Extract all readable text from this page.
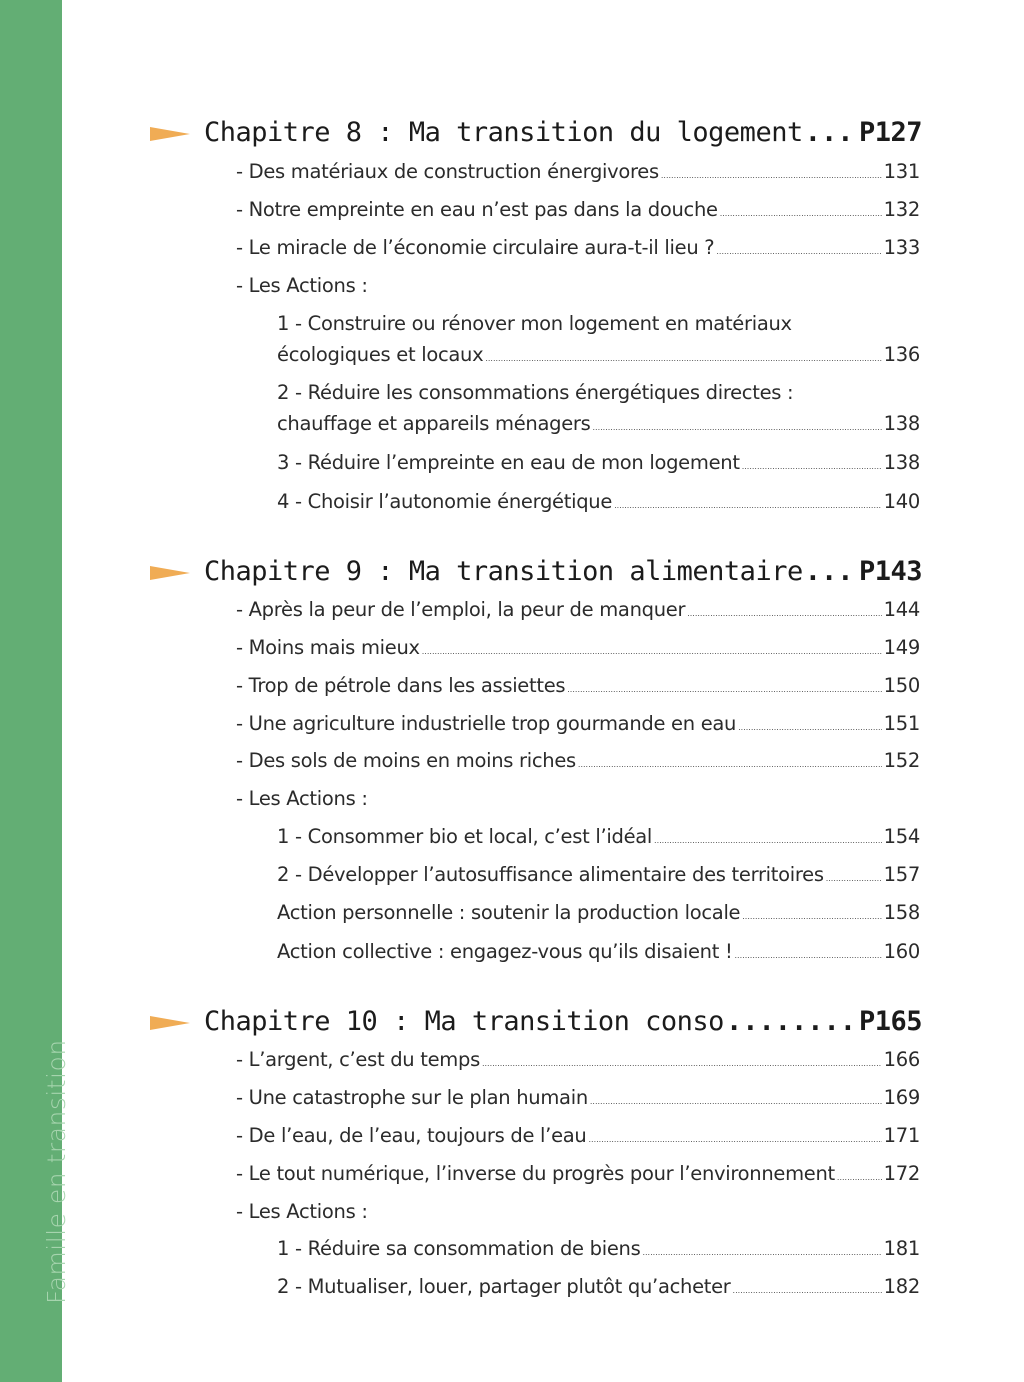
Famille en transition
Chapitre 8 : Ma transition du logement ..... P127
- Des matériaux de construction énergivores .....	131
- Notre empreinte en eau n’est pas dans la douche .....	132
- Le miracle de l’économie circulaire aura-t-il lieu ? .....	133
- Les Actions :
1 - Construire ou rénover mon logement en matériaux
écologiques et locaux .....	136
2 - Réduire les consommations énergétiques directes :
chauffage et appareils ménagers .....	138
3 - Réduire l’empreinte en eau de mon logement .....	138
4 - Choisir l’autonomie énergétique .....	140
Chapitre 9 : Ma transition alimentaire ..... P143
- Après la peur de l’emploi, la peur de manquer .....	144
- Moins mais mieux .....	149
- Trop de pétrole dans les assiettes .....	150
- Une agriculture industrielle trop gourmande en eau .....	151
- Des sols de moins en moins riches .....	152
- Les Actions :
1 - Consommer bio et local, c’est l’idéal .....	154
2 - Développer l’autosuffisance alimentaire des territoires .....	157
Action personnelle : soutenir la production locale .....	158
Action collective : engagez-vous qu’ils disaient ! .....	160
Chapitre 10 : Ma transition conso .....	P165
- L’argent, c’est du temps .....	166
- Une catastrophe sur le plan humain .....	169
- De l’eau, de l’eau, toujours de l’eau .....	171
- Le tout numérique, l’inverse du progrès pour l’environnement .....	172
- Les Actions :
1 - Réduire sa consommation de biens .....	181
2 - Mutualiser, louer, partager plutôt qu’acheter .....	182
